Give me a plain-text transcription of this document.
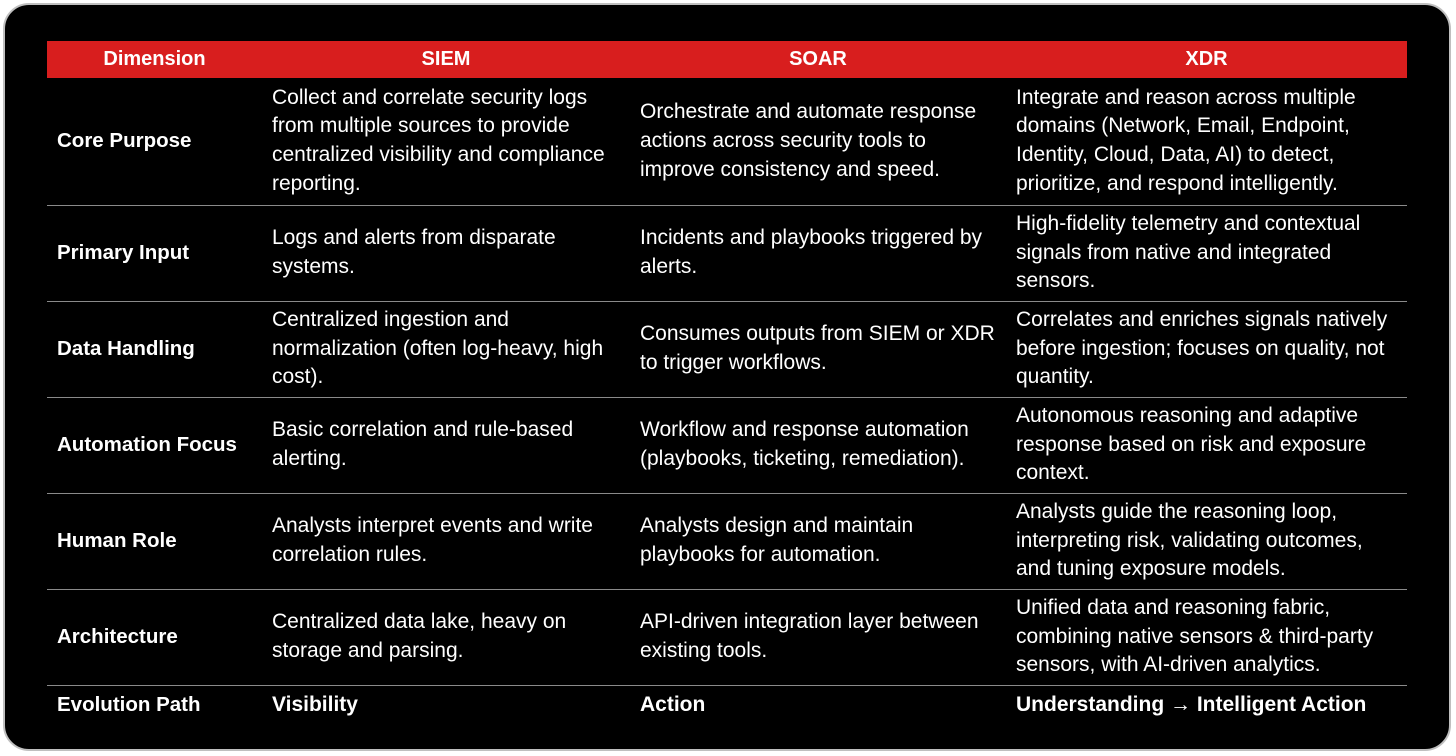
Dimension	SIEM	SOAR	XDR
Core Purpose	Collect and correlate security logs from multiple sources to provide centralized visibility and compliance reporting.	Orchestrate and automate response actions across security tools to improve consistency and speed.	Integrate and reason across multiple domains (Network, Email, Endpoint, Identity, Cloud, Data, AI) to detect, prioritize, and respond intelligently.
Primary Input	Logs and alerts from disparate systems.	Incidents and playbooks triggered by alerts.	High-fidelity telemetry and contextual signals from native and integrated sensors.
Data Handling	Centralized ingestion and normalization (often log-heavy, high cost).	Consumes outputs from SIEM or XDR to trigger workflows.	Correlates and enriches signals natively before ingestion; focuses on quality, not quantity.
Automation Focus	Basic correlation and rule-based alerting.	Workflow and response automation (playbooks, ticketing, remediation).	Autonomous reasoning and adaptive response based on risk and exposure context.
Human Role	Analysts interpret events and write correlation rules.	Analysts design and maintain playbooks for automation.	Analysts guide the reasoning loop, interpreting risk, validating outcomes, and tuning exposure models.
Architecture	Centralized data lake, heavy on storage and parsing.	API-driven integration layer between existing tools.	Unified data and reasoning fabric, combining native sensors & third-party sensors, with AI-driven analytics.
Evolution Path	Visibility	Action	Understanding → Intelligent Action
